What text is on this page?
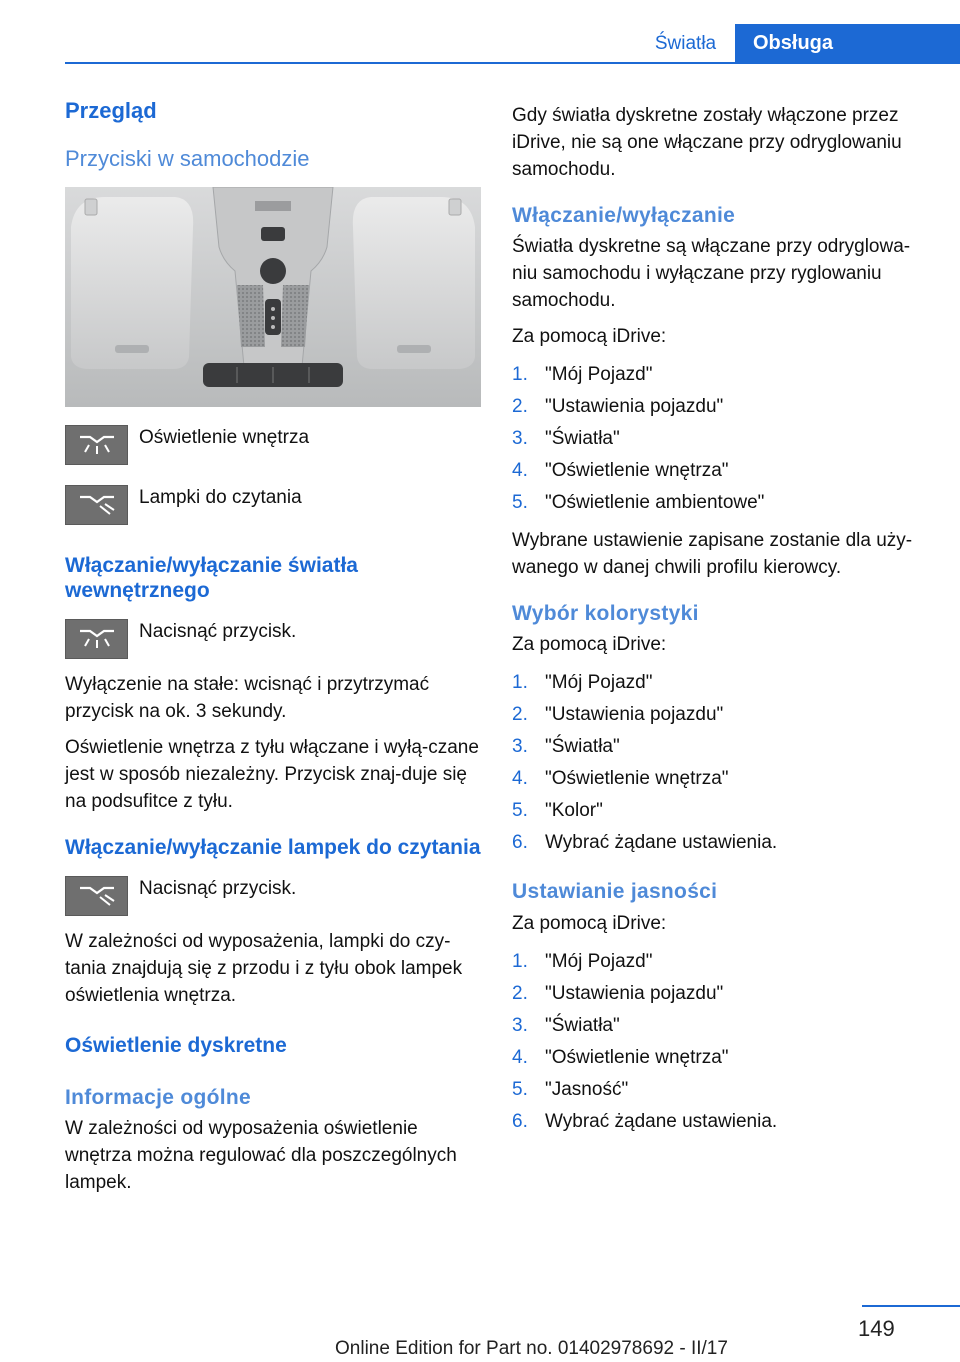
Światła	Obsługa
Przegląd
Przyciski w samochodzie
Oświetlenie wnętrza
Lampki do czytania
Włączanie/wyłączanie światła wewnętrznego
Nacisnąć przycisk.

Wyłączenie na stałe: wcisnąć i przytrzymać przycisk na ok. 3 sekundy.

Oświetlenie wnętrza z tyłu włączane i wyłą‐czane jest w sposób niezależny. Przycisk znaj‐duje się na podsufitce z tyłu.

Włączanie/wyłączanie lampek do czytania
Nacisnąć przycisk.

W zależności od wyposażenia, lampki do czy‐tania znajdują się z przodu i z tyłu obok lampek oświetlenia wnętrza.

Oświetlenie dyskretne
Informacje ogólne

W zależności od wyposażenia oświetlenie wnętrza można regulować dla poszczególnych lampek.

Gdy światła dyskretne zostały włączone przez iDrive, nie są one włączane przy odryglowaniu samochodu.

Włączanie/wyłączanie

Światła dyskretne są włączane przy odryglowa‐niu samochodu i wyłączane przy ryglowaniu samochodu.

Za pomocą iDrive:

1. "Mój Pojazd"
2. "Ustawienia pojazdu"
3. "Światła"
4. "Oświetlenie wnętrza"
5. "Oświetlenie ambientowe"

Wybrane ustawienie zapisane zostanie dla uży‐wanego w danej chwili profilu kierowcy.

Wybór kolorystyki

Za pomocą iDrive:

1. "Mój Pojazd"
2. "Ustawienia pojazdu"
3. "Światła"
4. "Oświetlenie wnętrza"
5. "Kolor"
6. Wybrać żądane ustawienia.
Ustawianie jasności

Za pomocą iDrive:

1. "Mój Pojazd"
2. "Ustawienia pojazdu"
3. "Światła"
4. "Oświetlenie wnętrza"
5. "Jasność"
6. Wybrać żądane ustawienia.
149
Online Edition for Part no. 01402978692 - II/17
